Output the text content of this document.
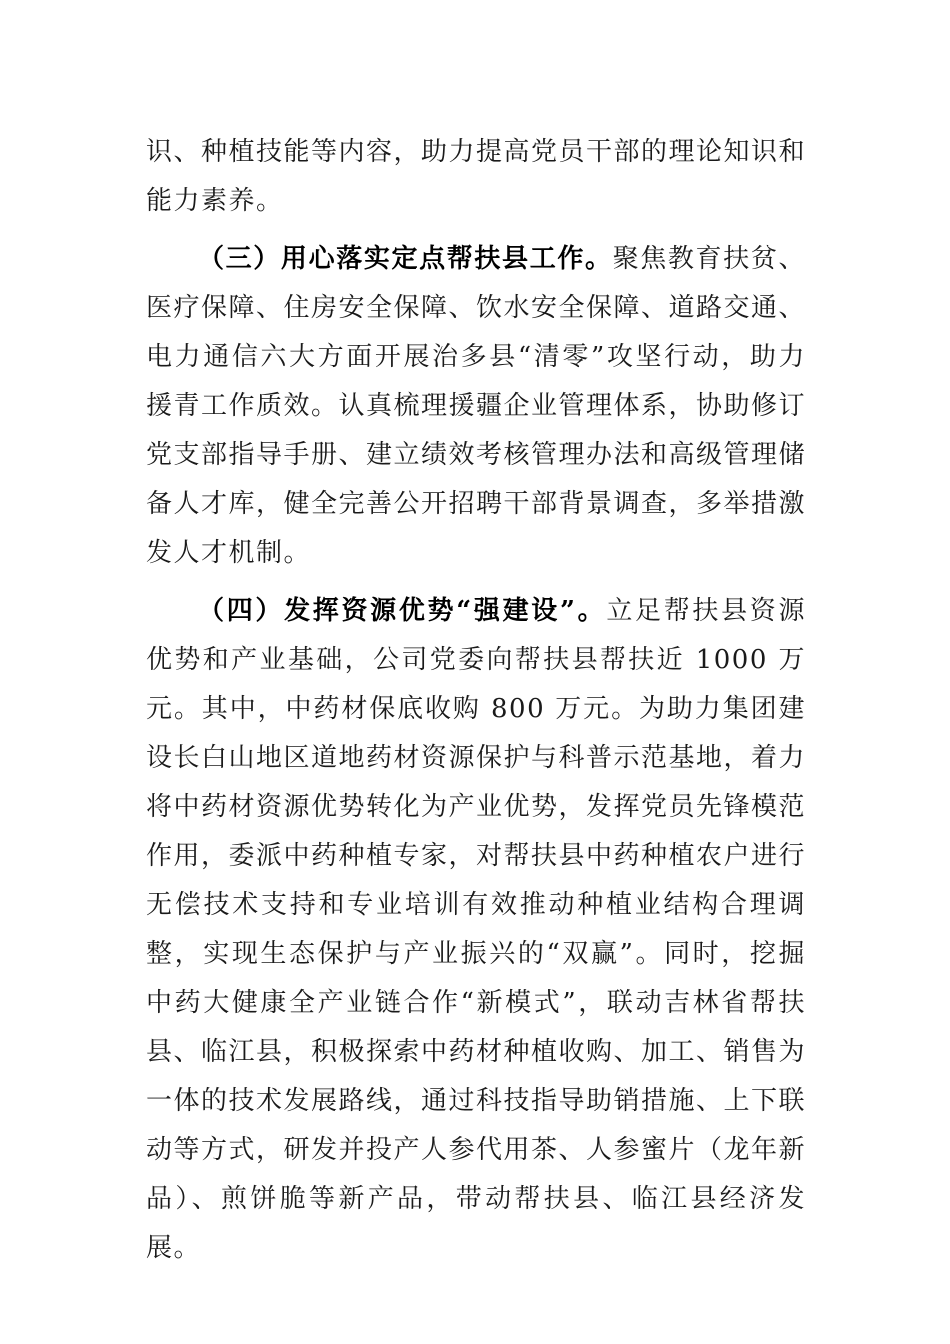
识、种植技能等内容，助力提高党员干部的理论知识和能力素养。

（三）用心落实定点帮扶县工作。聚焦教育扶贫、医疗保障、住房安全保障、饮水安全保障、道路交通、电力通信六大方面开展治多县“清零”攻坚行动，助力援青工作质效。认真梳理援疆企业管理体系，协助修订党支部指导手册、建立绩效考核管理办法和高级管理储备人才库，健全完善公开招聘干部背景调查，多举措激发人才机制。

（四）发挥资源优势“强建设”。立足帮扶县资源优势和产业基础，公司党委向帮扶县帮扶近 1000 万元。其中，中药材保底收购 800 万元。为助力集团建设长白山地区道地药材资源保护与科普示范基地，着力将中药材资源优势转化为产业优势，发挥党员先锋模范作用，委派中药种植专家，对帮扶县中药种植农户进行无偿技术支持和专业培训有效推动种植业结构合理调整，实现生态保护与产业振兴的“双赢”。同时，挖掘中药大健康全产业链合作“新模式”，联动吉林省帮扶县、临江县，积极探索中药材种植收购、加工、销售为一体的技术发展路线，通过科技指导助销措施、上下联动等方式，研发并投产人参代用茶、人参蜜片（龙年新品）、煎饼脆等新产品，带动帮扶县、临江县经济发展。
